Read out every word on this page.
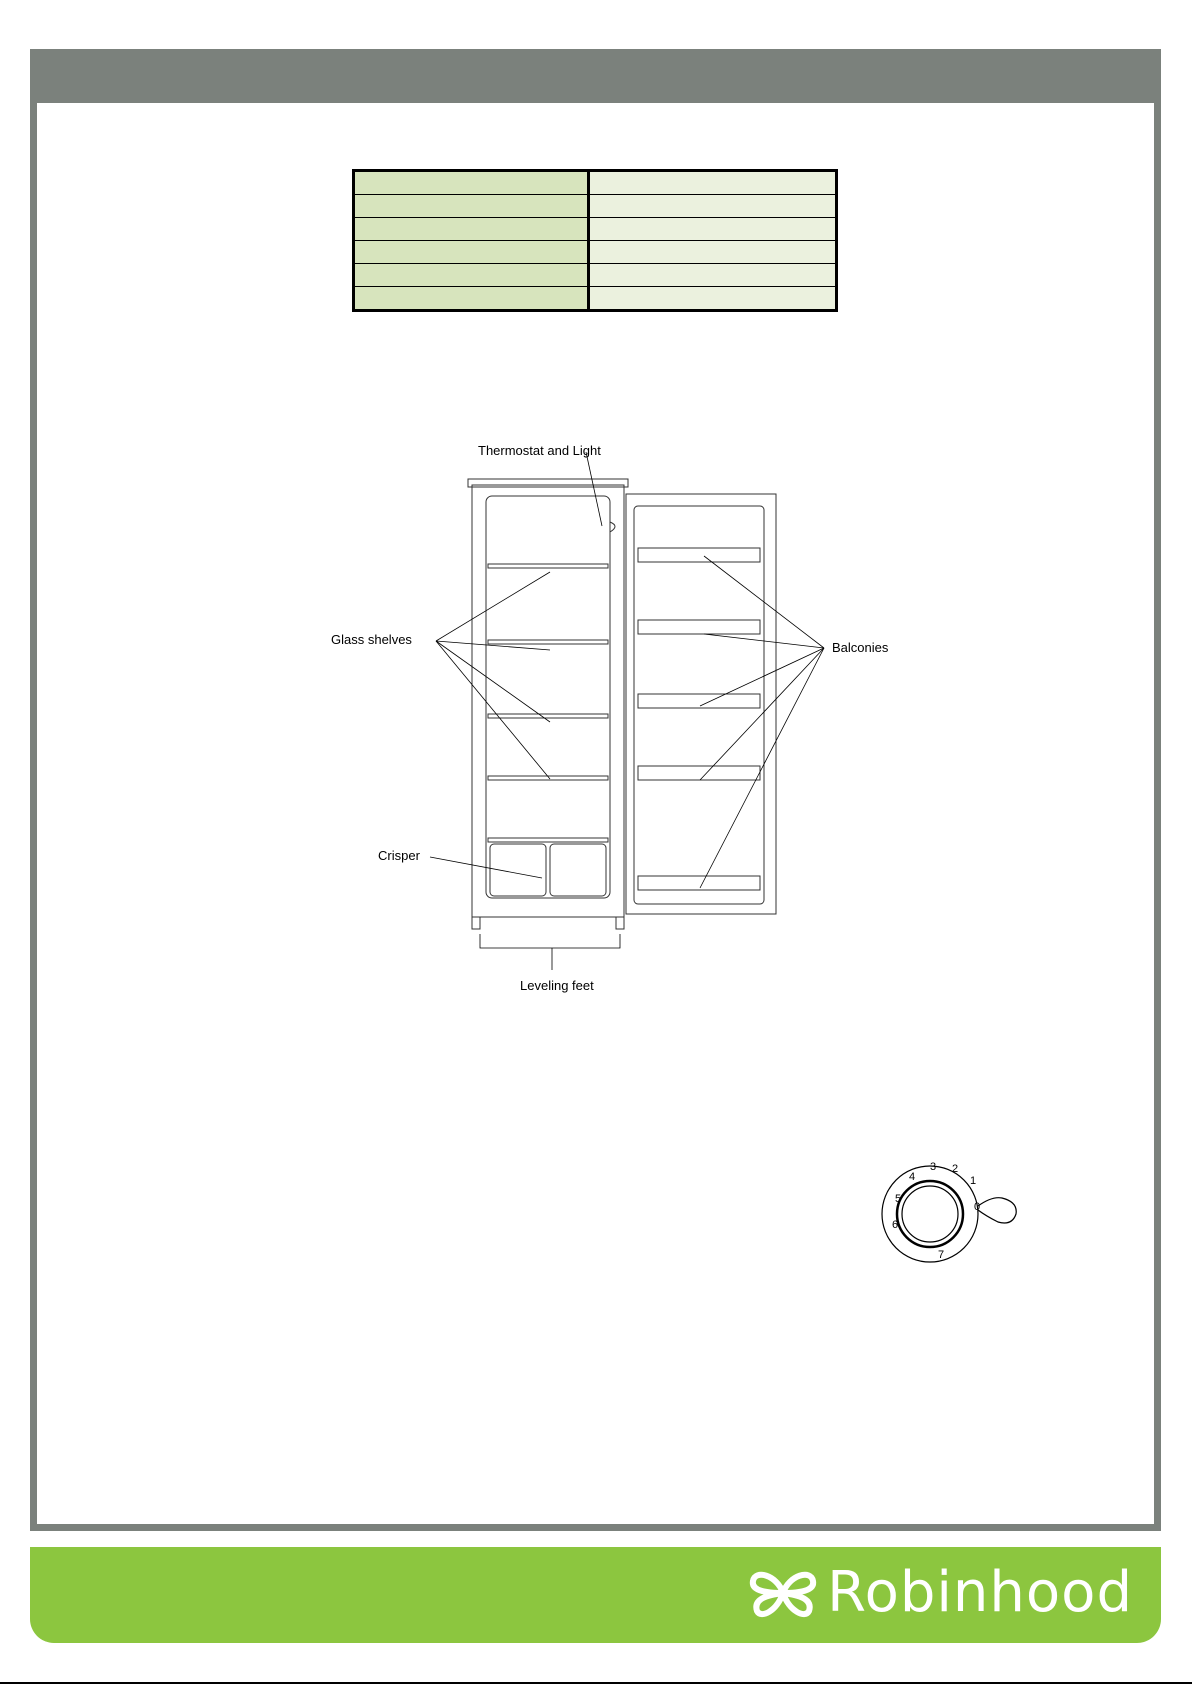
Thermostat and Light
Glass shelves
Balconies
Crisper
Leveling feet
1
2
3
4
5
6
7
0
Robinhood
